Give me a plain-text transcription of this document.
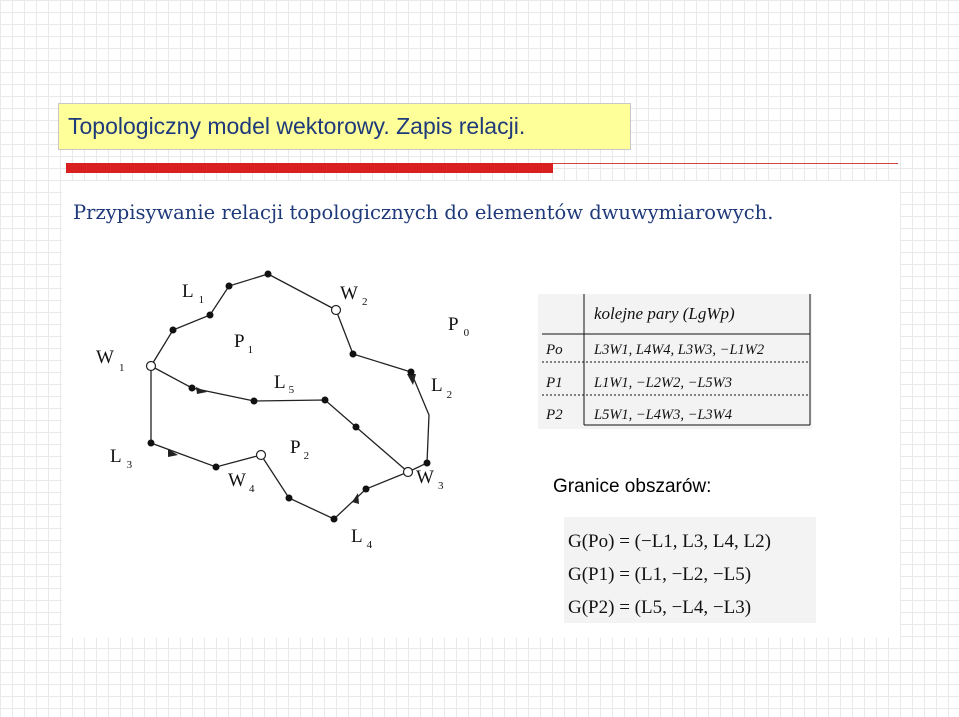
Topologiczny model wektorowy. Zapis relacji.
Przypisywanie relacji topologicznych do elementów dwuwymiarowych.
L $_1$	W $_2$
P $_0$
W $_1$
P $_1$
L $_5$	L $_2$
L $_3$
P $_2$
W $_4$
W $_3$
L $_4$
kolejne pary (LgWp)
Po L3W1, L4W4, L3W3, −L1W2
P1 L1W1, −L2W2, −L5W3
P2 L5W1, −L4W3, −L3W4
Granice obszarów:
G(Po) = (−L1, L3, L4, L2)
G(P1) = (L1, −L2, −L5)
G(P2) = (L5, −L4, −L3)
